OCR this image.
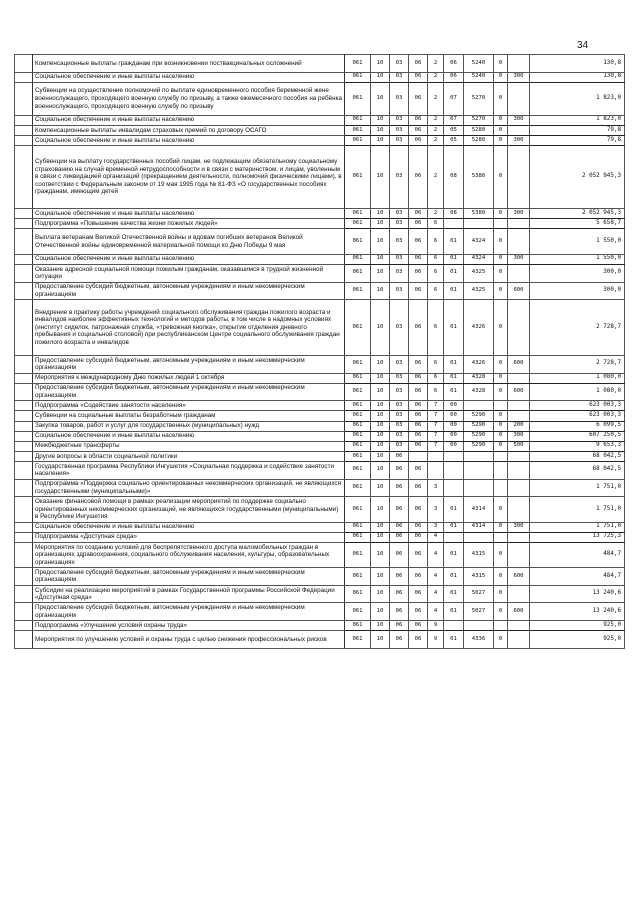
34
	Компенсационные выплаты гражданам при возникновении поствакцинальных осложнений	061	10	03	06	2	06	5240	0		130,8
	Социальное обеспечение и иные выплаты населению	061	10	03	06	2	06	5240	0	300	130,8
	Субвенции на осуществление полномочий по выплате единовременного пособия беременной жене военнослужащего, проходящего военную службу по призыву, а также ежемесячного пособия на ребёнка военнослужащего, проходящего военную службу по призыву	061	10	03	06	2	07	5270	0		1 823,0
	Социальное обеспечение и иные выплаты населению	061	10	03	06	2	07	5270	0	300	1 823,0
	Компенсационные выплаты инвалидам страховых премий по договору ОСАГО	061	10	03	06	2	05	5280	0		79,8
	Социальное обеспечение и иные выплаты населению	061	10	03	06	2	05	5280	0	300	79,8
	Субвенции на выплату государственных пособий лицам, не подлежащим обязательному социальному страхованию на случай временной нетрудоспособности и в связи с материнством, и лицам, уволенным в связи с ликвидацией организаций (прекращением деятельности, полномочий физическими лицами), в соответствии с Федеральным законом от 19 мая 1995 года № 81-ФЗ «О государственных пособиях гражданам, имеющим детей	061	10	03	06	2	08	5380	0		2 052 945,3
	Социальное обеспечение и иные выплаты населению	061	10	03	06	2	08	5380	0	300	2 052 945,3
	Подпрограмма «Повышение качества жизни пожилых людей»	061	10	03	06	6					5 658,7
	Выплата ветеранам Великой Отечественной войны и вдовам погибших ветеранов Великой Отечественной войны единовременной материальной помощи ко Дню Победы 9 мая	061	10	03	06	6	01	4324	0		1 550,0
	Социальное обеспечение и иные выплаты населению	061	10	03	06	6	01	4324	0	300	1 550,0
	Оказание адресной социальной помощи пожилым гражданам, оказавшимся в трудной жизненной ситуации	061	10	03	06	6	01	4325	0		300,0
	Предоставление субсидий бюджетным, автономным учреждениям и иным некоммерческим организациям	061	10	03	06	6	01	4325	0	600	300,0
	Внедрение в практику работы учреждений социального обслуживания граждан пожилого возраста и инвалидов наиболее эффективных технологий и методов работы, в том числе в надомных условиях (институт сиделок, патронажная служба, «тревожная кнопка», открытие отделения дневного пребывания и социальной столовой) при республиканском Центре социального обслуживания граждан пожилого возраста и инвалидов	061	10	03	06	6	01	4326	0		2 728,7
	Предоставление субсидий бюджетным, автономным учреждениям и иным некоммерческим организациям	061	10	03	06	6	01	4326	0	600	2 728,7
	Мероприятия к международному Дню пожилых людей 1 октября	061	10	03	06	6	01	4328	0		1 080,0
	Предоставление субсидий бюджетным, автономным учреждениям и иным некоммерческим организациям	061	10	03	06	6	01	4328	0	600	1 080,0
	Подпрограмма «Содействие занятости населения»	061	10	03	06	7	00				623 003,3
	Субвенции на социальные выплаты безработным гражданам	061	10	03	06	7	00	5290	0		623 003,3
	Закупка товаров, работ и услуг для государственных (муниципальных) нужд	061	10	03	06	7	00	5290	0	200	6 099,5
	Социальное обеспечение и иные выплаты населению	061	10	03	06	7	00	5290	0	300	607 250,5
	Межбюджетные трансферты	061	10	03	06	7	00	5290	0	500	9 653,3
	Другие вопросы в области социальной политики	061	10	06							68 042,5
	Государственная программа Республики Ингушетия «Социальная поддержка и содействие занятости населения»	061	10	06	06						68 042,5
	Подпрограмма «Поддержка социально ориентированных некоммерческих организаций, не являющихся государственными (муниципальными)»	061	10	06	06	3					1 751,0
	Оказание финансовой помощи в рамках реализации мероприятий по поддержке социально ориентированных некоммерческих организаций, не являющихся государственными (муниципальными) в Республике Ингушетия	061	10	06	06	3	01	4314	0		1 751,0
	Социальное обеспечение и иные выплаты населению	061	10	06	06	3	01	4314	0	300	1 751,0
	Подпрограмма «Доступная среда»	061	10	06	06	4					13 725,3
	Мероприятия по созданию условий для беспрепятственного доступа маломобильных граждан в организациях здравоохранения, социального обслуживания населения, культуры, образовательных организациях	061	10	06	06	4	01	4315	0		484,7
	Предоставление субсидий бюджетным, автономным учреждениям и иным некоммерческим организациям	061	10	06	06	4	01	4315	0	600	484,7
	Субсидии на реализацию мероприятий в рамках Государственной программы Российской Федерации «Доступная среда»	061	10	06	06	4	01	5027	0		13 240,6
	Предоставление субсидий бюджетным, автономным учреждениям и иным некоммерческим организациям	061	10	06	06	4	01	5027	0	600	13 240,6
	Подпрограмма «Улучшение условий охраны труда»	061	10	06	06	9					925,0
	Мероприятия по улучшению условий и охраны труда с целью снижения профессиональных рисков	061	10	06	06	9	01	4336	0		925,0
